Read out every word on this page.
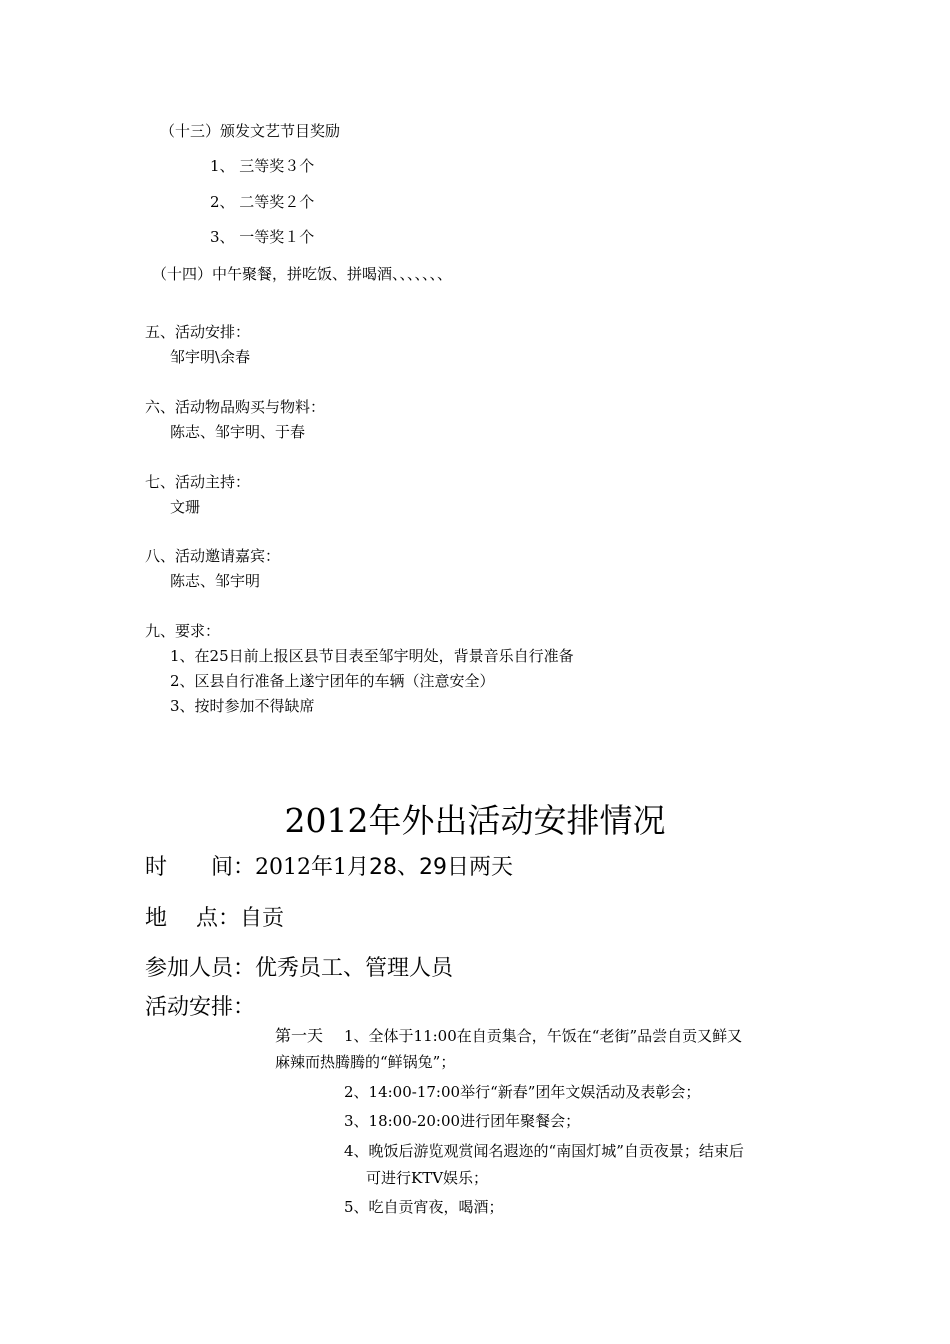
（十三）颁发文艺节目奖励
1、 三等奖３个
2、 二等奖２个
3、 一等奖１个
（十四）中午聚餐，拼吃饭、拼喝酒、、、、、、、
五、活动安排：
邹宇明\余春
六、活动物品购买与物料：
陈志、邹宇明、于春
七、活动主持：
文珊
八、活动邀请嘉宾：
陈志、邹宇明
九、要求：
1、在25日前上报区县节目表至邹宇明处，背景音乐自行准备
2、区县自行准备上遂宁团年的车辆（注意安全）
3、按时参加不得缺席
2012年外出活动安排情况
时　　间：2012年1月28、29日两天
地　 点：自贡
参加人员：优秀员工、管理人员
活动安排：
第一天 1、全体于11:00在自贡集合，午饭在“老街”品尝自贡又鲜又
麻辣而热腾腾的“鲜锅兔”；
2、14:00-17:00举行“新春”团年文娱活动及表彰会；
3、18:00-20:00进行团年聚餐会；
4、晚饭后游览观赏闻名遐迩的“南国灯城”自贡夜景；结束后
可进行KTV娱乐；
5、吃自贡宵夜，喝酒；
